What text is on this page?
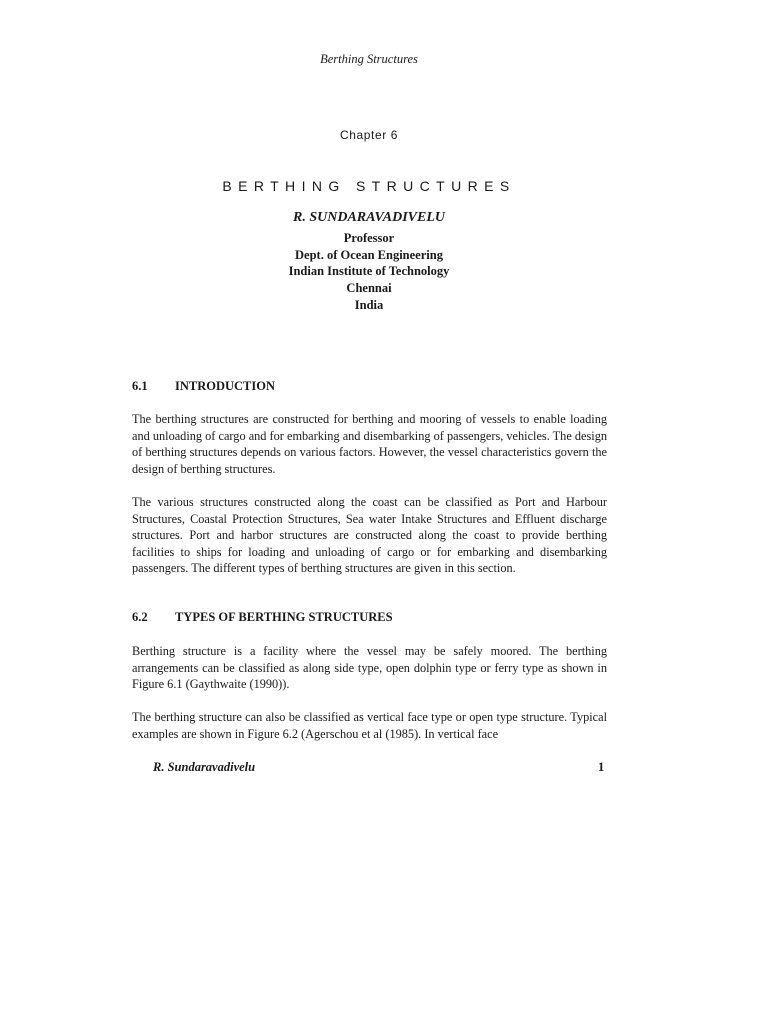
Berthing Structures
Chapter 6
BERTHING STRUCTURES
R. SUNDARAVADIVELU
Professor
Dept. of Ocean Engineering
Indian Institute of Technology
Chennai
India
6.1 INTRODUCTION

The berthing structures are constructed for berthing and mooring of vessels to enable loading and unloading of cargo and for embarking and disembarking of passengers, vehicles. The design of berthing structures depends on various factors. However, the vessel characteristics govern the design of berthing structures.

The various structures constructed along the coast can be classified as Port and Harbour Structures, Coastal Protection Structures, Sea water Intake Structures and Effluent discharge structures. Port and harbor structures are constructed along the coast to provide berthing facilities to ships for loading and unloading of cargo or for embarking and disembarking passengers. The different types of berthing structures are given in this section.

6.2 TYPES OF BERTHING STRUCTURES

Berthing structure is a facility where the vessel may be safely moored. The berthing arrangements can be classified as along side type, open dolphin type or ferry type as shown in Figure 6.1 (Gaythwaite (1990)).

The berthing structure can also be classified as vertical face type or open type structure. Typical examples are shown in Figure 6.2 (Agerschou et al (1985). In vertical face

R. Sundaravadivelu	1
